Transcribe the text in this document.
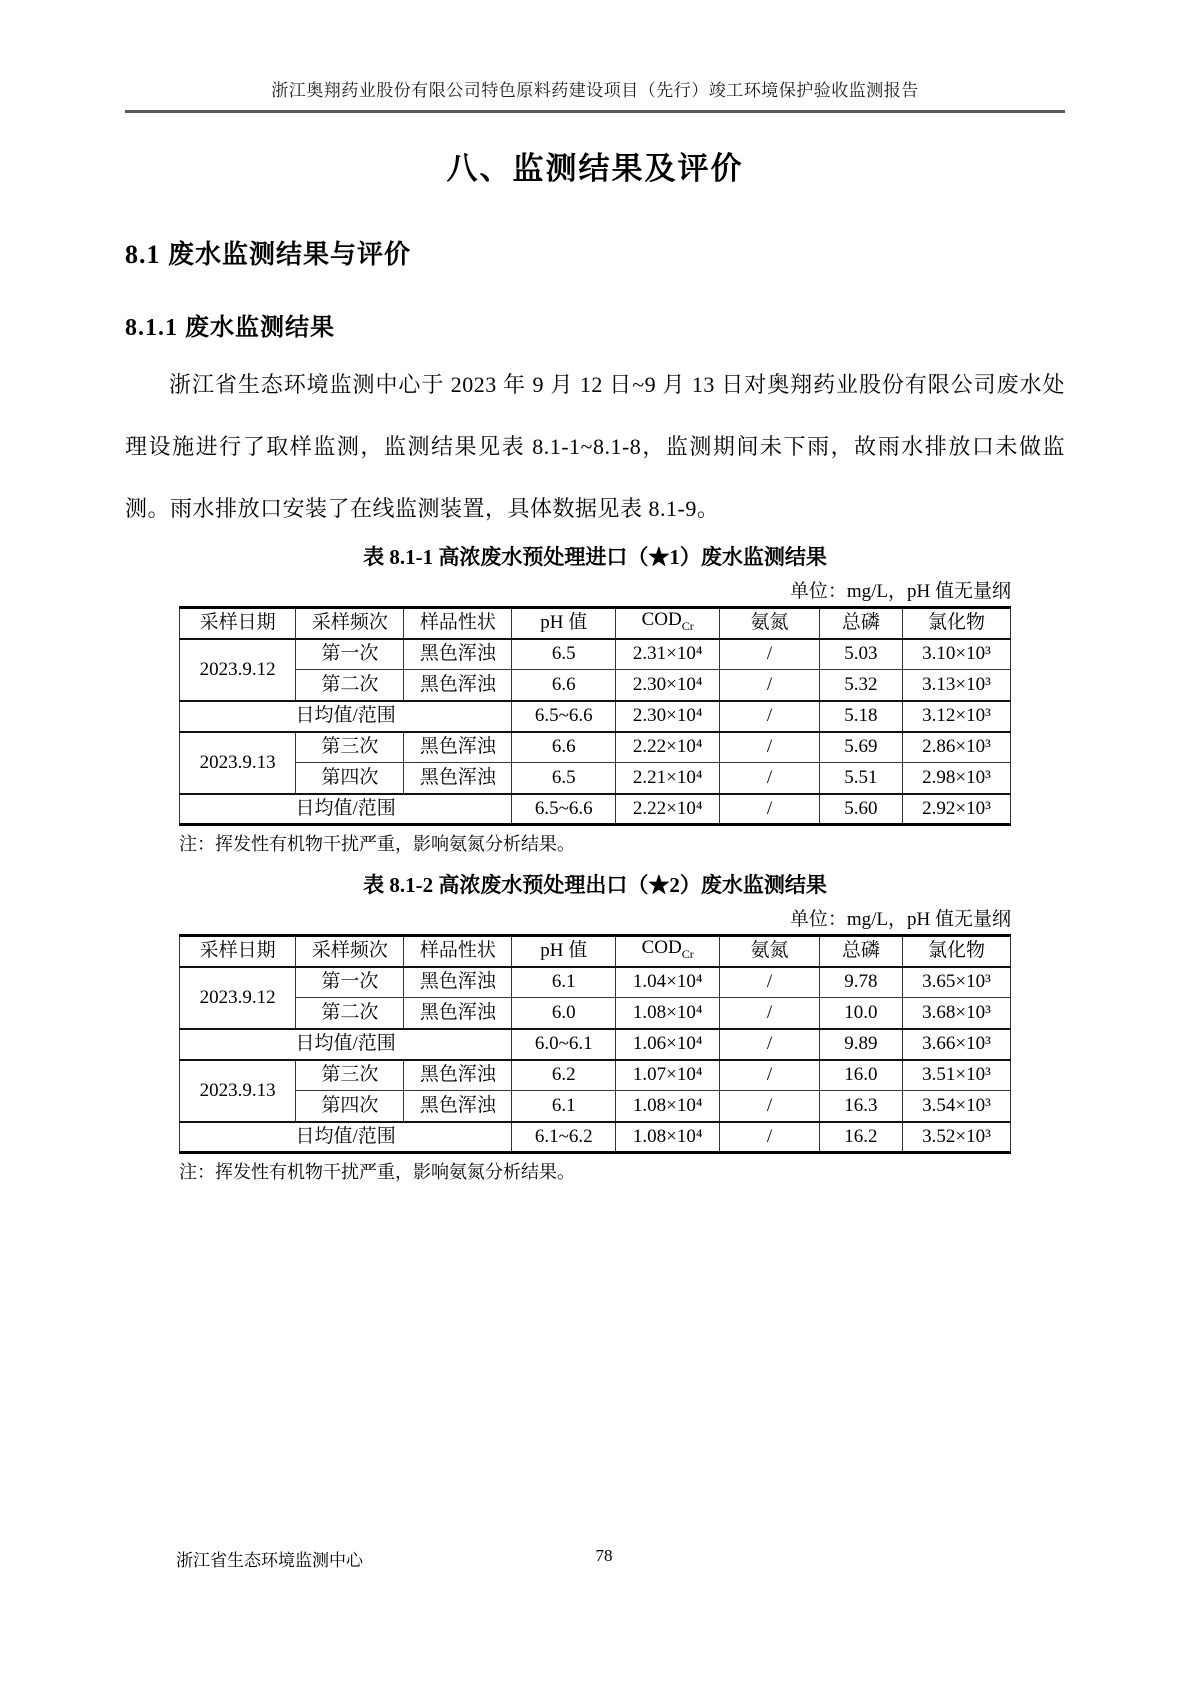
浙江奥翔药业股份有限公司特色原料药建设项目（先行）竣工环境保护验收监测报告
八、监测结果及评价
8.1 废水监测结果与评价
8.1.1 废水监测结果
浙江省生态环境监测中心于 2023 年 9 月 12 日~9 月 13 日对奥翔药业股份有限公司废水处理设施进行了取样监测，监测结果见表 8.1-1~8.1-8，监测期间未下雨，故雨水排放口未做监测。雨水排放口安装了在线监测装置，具体数据见表 8.1-9。
表 8.1-1 高浓废水预处理进口（★1）废水监测结果
单位：mg/L，pH 值无量纲
采样日期	采样频次	样品性状	pH 值	$COD_{Cr}$	氨氮	总磷	氯化物
2023.9.12	第一次	黑色浑浊	6.5	2.31×10⁴	/	5.03	3.10×10³
	第二次	黑色浑浊	6.6	2.30×10⁴	/	5.32	3.13×10³
日均值/范围			6.5~6.6	2.30×10⁴	/	5.18	3.12×10³
2023.9.13	第三次	黑色浑浊	6.6	2.22×10⁴	/	5.69	2.86×10³
	第四次	黑色浑浊	6.5	2.21×10⁴	/	5.51	2.98×10³
日均值/范围			6.5~6.6	2.22×10⁴	/	5.60	2.92×10³
注：挥发性有机物干扰严重，影响氨氮分析结果。
表 8.1-2 高浓废水预处理出口（★2）废水监测结果
单位：mg/L，pH 值无量纲
采样日期	采样频次	样品性状	pH 值	$COD_{Cr}$	氨氮	总磷	氯化物
2023.9.12	第一次	黑色浑浊	6.1	1.04×10⁴	/	9.78	3.65×10³
	第二次	黑色浑浊	6.0	1.08×10⁴	/	10.0	3.68×10³
日均值/范围			6.0~6.1	1.06×10⁴	/	9.89	3.66×10³
2023.9.13	第三次	黑色浑浊	6.2	1.07×10⁴	/	16.0	3.51×10³
	第四次	黑色浑浊	6.1	1.08×10⁴	/	16.3	3.54×10³
日均值/范围			6.1~6.2	1.08×10⁴	/	16.2	3.52×10³
注：挥发性有机物干扰严重，影响氨氮分析结果。
浙江省生态环境监测中心	78
